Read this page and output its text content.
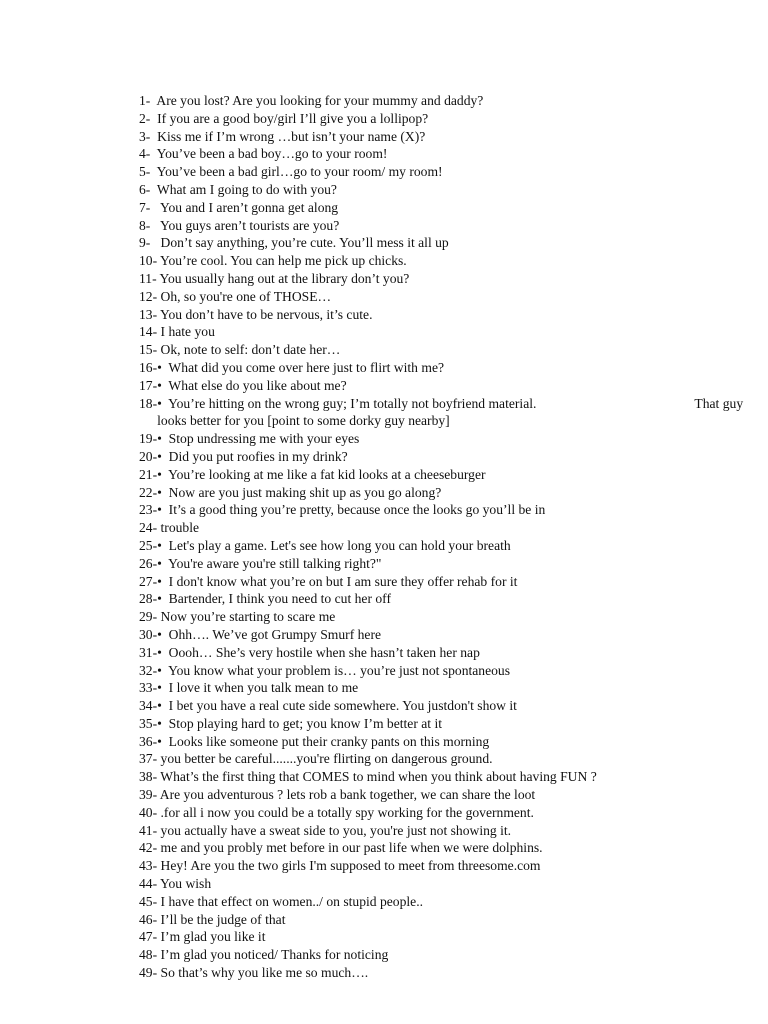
1- Are you lost? Are you looking for your mummy and daddy?
2- If you are a good boy/girl I’ll give you a lollipop?
3- Kiss me if I’m wrong …but isn’t your name (X)?
4- You’ve been a bad boy…go to your room!
5- You’ve been a bad girl…go to your room/ my room!
6- What am I going to do with you?
7- You and I aren’t gonna get along
8- You guys aren’t tourists are you?
9- Don’t say anything, you’re cute. You’ll mess it all up
10- You’re cool. You can help me pick up chicks.
11- You usually hang out at the library don’t you?
12- Oh, so you're one of THOSE…
13- You don’t have to be nervous, it’s cute.
14- I hate you
15- Ok, note to self: don’t date her…
16- •  What did you come over here just to flirt with me?
17- •  What else do you like about me?
18- •  You’re hitting on the wrong guy; I’m totally not boyfriend material.	That guy
looks better for you [point to some dorky guy nearby]
19- •  Stop undressing me with your eyes
20- •  Did you put roofies in my drink?
21- •  You’re looking at me like a fat kid looks at a cheeseburger
22- •  Now are you just making shit up as you go along?
23- •  It’s a good thing you’re pretty, because once the looks go you’ll be in
24- trouble
25- •  Let's play a game. Let's see how long you can hold your breath
26- •  You're aware you're still talking right?"
27- •  I don't know what you’re on but I am sure they offer rehab for it
28- •  Bartender, I think you need to cut her off
29- Now you’re starting to scare me
30- •  Ohh…. We’ve got Grumpy Smurf here
31- •  Oooh… She’s very hostile when she hasn’t taken her nap
32- •  You know what your problem is… you’re just not spontaneous
33- •  I love it when you talk mean to me
34- •  I bet you have a real cute side somewhere. You justdon't show it
35- •  Stop playing hard to get; you know I’m better at it
36- •  Looks like someone put their cranky pants on this morning
37- you better be careful.......you're flirting on dangerous ground.
38- What’s the first thing that COMES to mind when you think about having FUN ?
39- Are you adventurous ? lets rob a bank together, we can share the loot
40- .for all i now you could be a totally spy working for the government.
41- you actually have a sweat side to you, you're just not showing it.
42- me and you probly met before in our past life when we were dolphins.
43- Hey! Are you the two girls I'm supposed to meet from threesome.com
44- You wish
45- I have that effect on women../ on stupid people..
46- I’ll be the judge of that
47- I’m glad you like it
48- I’m glad you noticed/ Thanks for noticing
49- So that’s why you like me so much….
